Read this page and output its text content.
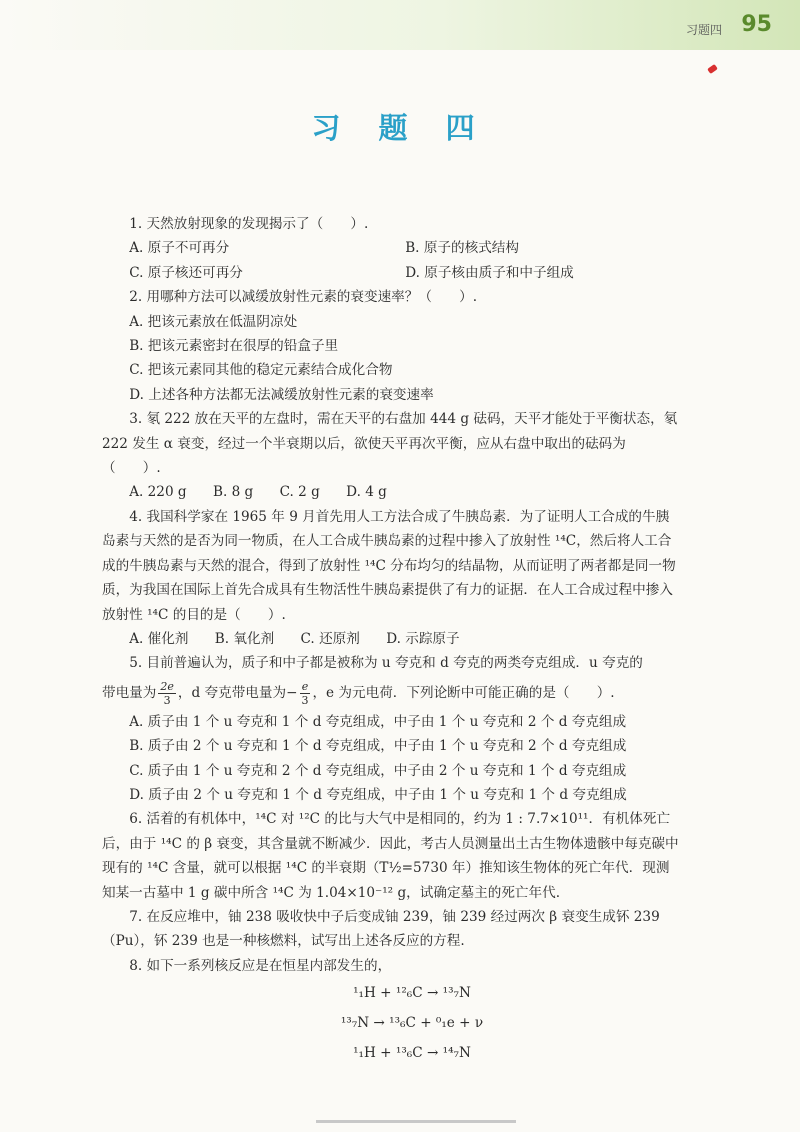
习题四 95
习 题 四

1. 天然放射现象的发现揭示了（　　）.

A. 原子不可再分	B. 原子的核式结构
C. 原子核还可再分	D. 原子核由质子和中子组成

2. 用哪种方法可以减缓放射性元素的衰变速率？（　　）.

A. 把该元素放在低温阴凉处

B. 把该元素密封在很厚的铅盒子里

C. 把该元素同其他的稳定元素结合成化合物

D. 上述各种方法都无法减缓放射性元素的衰变速率

3. 氡 222 放在天平的左盘时，需在天平的右盘加 444 g 砝码，天平才能处于平衡状态，氡 222 发生 α 衰变，经过一个半衰期以后，欲使天平再次平衡，应从右盘中取出的砝码为（　　）.

A. 220 g B. 8 g C. 2 g D. 4 g

4. 我国科学家在 1965 年 9 月首先用人工方法合成了牛胰岛素．为了证明人工合成的牛胰岛素与天然的是否为同一物质，在人工合成牛胰岛素的过程中掺入了放射性 ¹⁴C，然后将人工合成的牛胰岛素与天然的混合，得到了放射性 ¹⁴C 分布均匀的结晶物，从而证明了两者都是同一物质，为我国在国际上首先合成具有生物活性牛胰岛素提供了有力的证据．在人工合成过程中掺入放射性 ¹⁴C 的目的是（　　）.

A. 催化剂 B. 氧化剂 C. 还原剂 D. 示踪原子

5. 目前普遍认为，质子和中子都是被称为 u 夸克和 d 夸克的两类夸克组成．u 夸克的

带电量为 $\frac{2e}{3}$ ，d 夸克带电量为− $\frac{e}{3}$ ，e 为元电荷．下列论断中可能正确的是（　　）.

A. 质子由 1 个 u 夸克和 1 个 d 夸克组成，中子由 1 个 u 夸克和 2 个 d 夸克组成

B. 质子由 2 个 u 夸克和 1 个 d 夸克组成，中子由 1 个 u 夸克和 2 个 d 夸克组成

C. 质子由 1 个 u 夸克和 2 个 d 夸克组成，中子由 2 个 u 夸克和 1 个 d 夸克组成

D. 质子由 2 个 u 夸克和 1 个 d 夸克组成，中子由 1 个 u 夸克和 1 个 d 夸克组成

6. 活着的有机体中，¹⁴C 对 ¹²C 的比与大气中是相同的，约为 1 : 7.7×10¹¹．有机体死亡后，由于 ¹⁴C 的 β 衰变，其含量就不断减少．因此，考古人员测量出土古生物体遗骸中每克碳中现有的 ¹⁴C 含量，就可以根据 ¹⁴C 的半衰期（T½=5730 年）推知该生物体的死亡年代．现测知某一古墓中 1 g 碳中所含 ¹⁴C 为 1.04×10⁻¹² g，试确定墓主的死亡年代.

7. 在反应堆中，铀 238 吸收快中子后变成铀 239，铀 239 经过两次 β 衰变生成钚 239（Pu），钚 239 也是一种核燃料，试写出上述各反应的方程.

8. 如下一系列核反应是在恒星内部发生的，

¹₁H + ¹²₆C → ¹³₇N

¹³₇N → ¹³₆C + ⁰₁e + ν

¹₁H + ¹³₆C → ¹⁴₇N
